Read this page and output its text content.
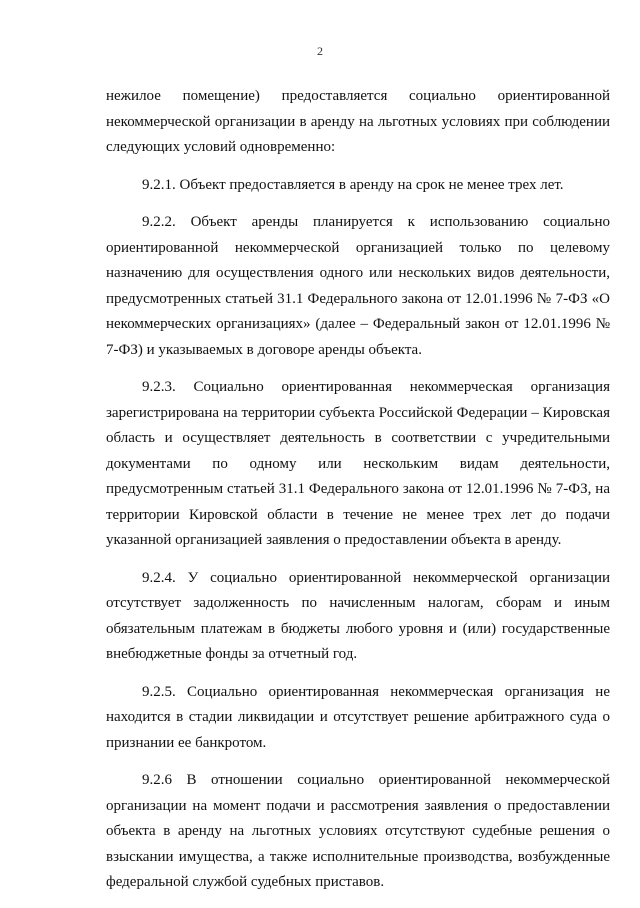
2

нежилое помещение) предоставляется социально ориентированной некоммерческой организации в аренду на льготных условиях при соблюдении следующих условий одновременно:

9.2.1. Объект предоставляется в аренду на срок не менее трех лет.

9.2.2. Объект аренды планируется к использованию социально ориентированной некоммерческой организацией только по целевому назначению для осуществления одного или нескольких видов деятельности, предусмотренных статьей 31.1 Федерального закона от 12.01.1996 № 7-ФЗ «О некоммерческих организациях» (далее – Федеральный закон от 12.01.1996 № 7-ФЗ) и указываемых в договоре аренды объекта.

9.2.3. Социально ориентированная некоммерческая организация зарегистрирована на территории субъекта Российской Федерации – Кировская область и осуществляет деятельность в соответствии с учредительными документами по одному или нескольким видам деятельности, предусмотренным статьей 31.1 Федерального закона от 12.01.1996 № 7-ФЗ, на территории Кировской области в течение не менее трех лет до подачи указанной организацией заявления о предоставлении объекта в аренду.

9.2.4. У социально ориентированной некоммерческой организации отсутствует задолженность по начисленным налогам, сборам и иным обязательным платежам в бюджеты любого уровня и (или) государственные внебюджетные фонды за отчетный год.

9.2.5. Социально ориентированная некоммерческая организация не находится в стадии ликвидации и отсутствует решение арбитражного суда о признании ее банкротом.

9.2.6 В отношении социально ориентированной некоммерческой организации на момент подачи и рассмотрения заявления о предоставлении объекта в аренду на льготных условиях отсутствуют судебные решения о взыскании имущества, а также исполнительные производства, возбужденные федеральной службой судебных приставов.
